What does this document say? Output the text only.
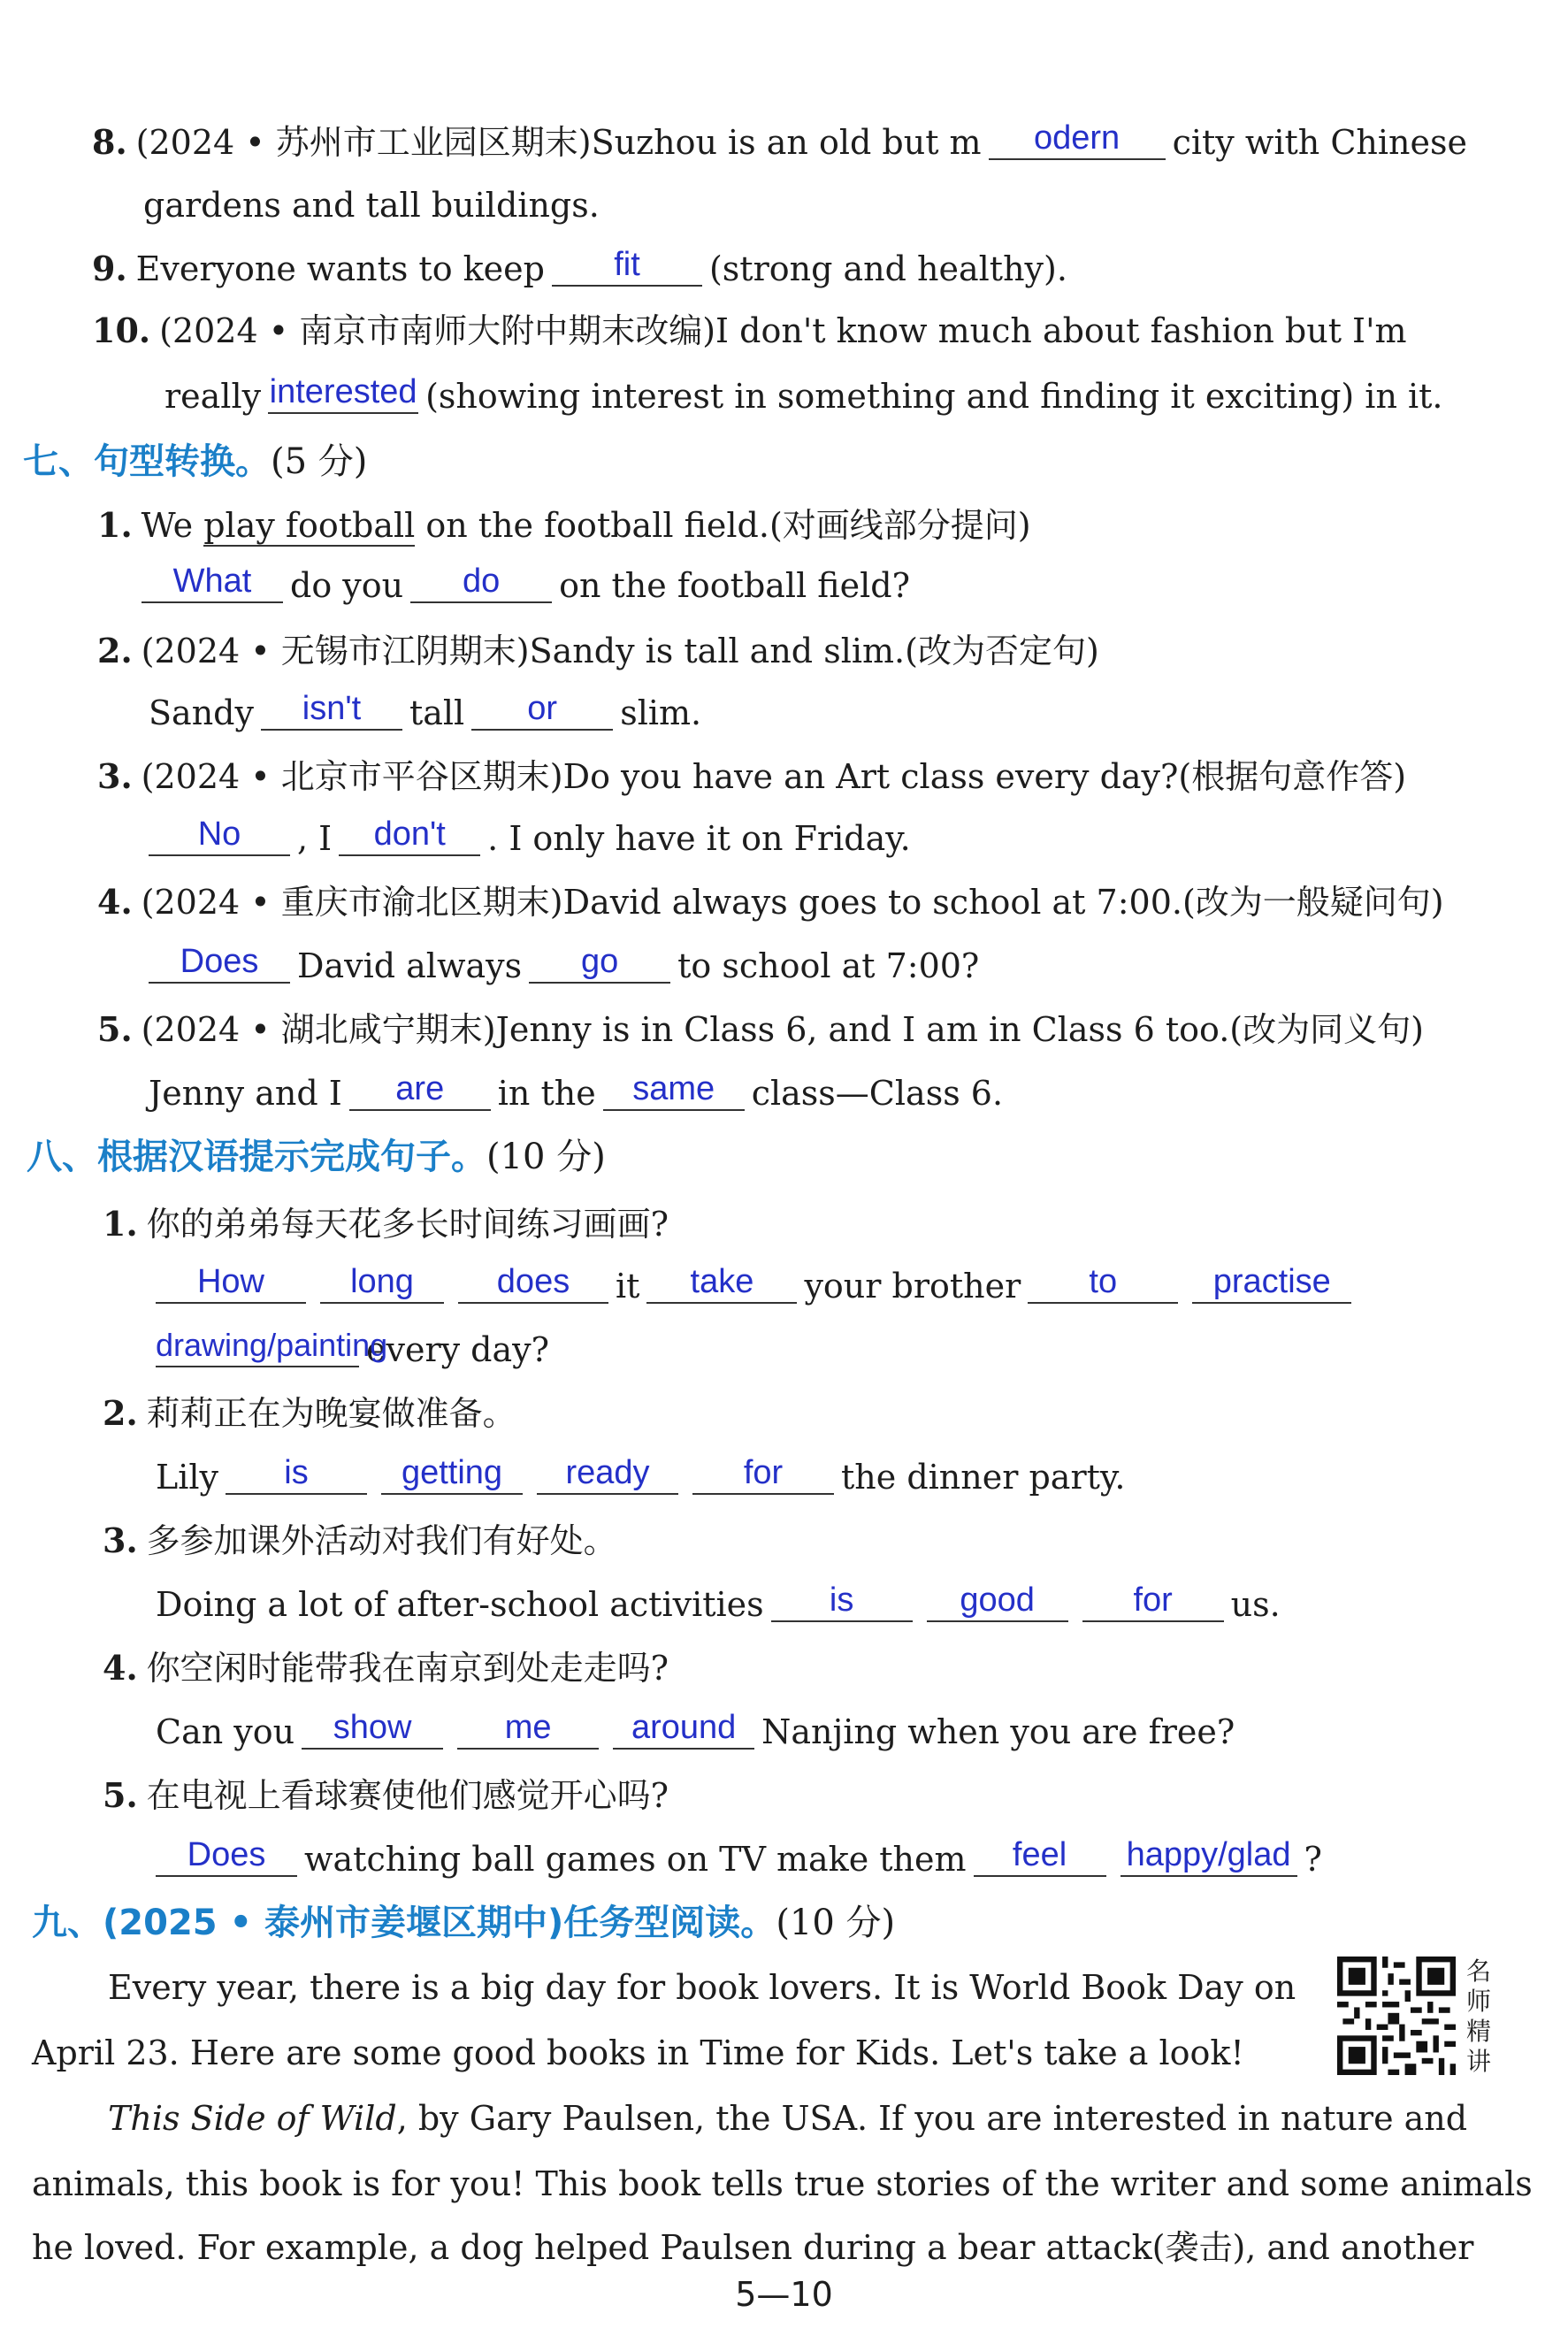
8. (2024 • 苏州市工业园区期末)Suzhou is an old but m odern city with Chinese
gardens and tall buildings.
9. Everyone wants to keep fit (strong and healthy).
10. (2024 • 南京市南师大附中期末改编)I don't know much about fashion but I'm
really interested (showing interest in something and finding it exciting) in it.
七、句型转换。(5 分)
1. We play football on the football field.(对画线部分提问)
What do you do on the football field?
2. (2024 • 无锡市江阴期末)Sandy is tall and slim.(改为否定句)
Sandy isn't tall or slim.
3. (2024 • 北京市平谷区期末)Do you have an Art class every day?(根据句意作答)
No , I don't . I only have it on Friday.
4. (2024 • 重庆市渝北区期末)David always goes to school at 7:00.(改为一般疑问句)
Does David always go to school at 7:00?
5. (2024 • 湖北咸宁期末)Jenny is in Class 6, and I am in Class 6 too.(改为同义句)
Jenny and I are in the same class—Class 6.
八、根据汉语提示完成句子。(10 分)
1. 你的弟弟每天花多长时间练习画画?
How	long does it take your brother to	practise
drawing/paintingevery day?
2. 莉莉正在为晚宴做准备。
Lily is	getting ready	for the dinner party.
3. 多参加课外活动对我们有好处。
Doing a lot of after-school activities is	good	for us.
4. 你空闲时能带我在南京到处走走吗?
Can you show	me around Nanjing when you are free?
5. 在电视上看球赛使他们感觉开心吗?
Does watching ball games on TV make them feel happy/glad ?
九、(2025 • 泰州市姜堰区期中)任务型阅读。(10 分)
Every year, there is a big day for book lovers. It is World Book Day on
April 23. Here are some good books in Time for Kids. Let's take a look!
This Side of Wild, by Gary Paulsen, the USA. If you are interested in nature and
animals, this book is for you! This book tells true stories of the writer and some animals
he loved. For example, a dog helped Paulsen during a bear attack(袭击), and another
名师精讲
5—10
